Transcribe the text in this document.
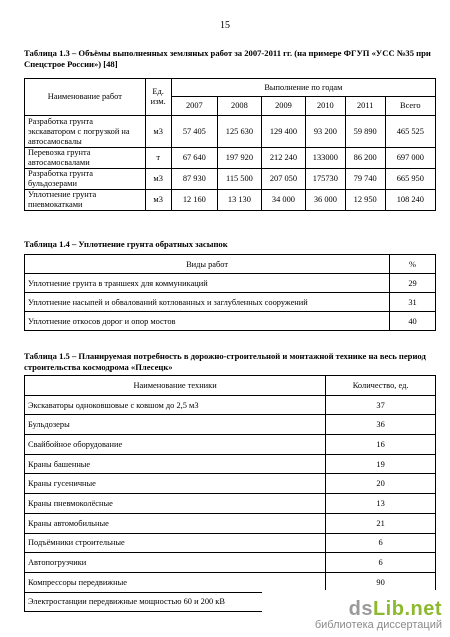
15
Таблица 1.3 – Объёмы выполненных земляных работ за 2007-2011 гг. (на примере ФГУП «УСС №35 при Спецстрое России») [48]
Наименование работ	Ед. изм.	Выполнение по годам					
		2007	2008	2009	2010	2011	Всего
Разработка грунта экскаватором с погрузкой на автосамосвалы	м3	57 405	125 630	129 400	93 200	59 890	465 525
Перевозка грунта автосамосвалами	т	67 640	197 920	212 240	133000	86 200	697 000
Разработка грунта бульдозерами	м3	87 930	115 500	207 050	175730	79 740	665 950
Уплотнение грунта пневмокатками	м3	12 160	13 130	34 000	36 000	12 950	108 240
Таблица 1.4 – Уплотнение грунта обратных засыпок
Виды работ	%
Уплотнение грунта в траншеях для коммуникаций	29
Уплотнение насыпей и обвалований котлованных и заглубленных сооружений	31
Уплотнение откосов дорог и опор мостов	40
Таблица 1.5 – Планируемая потребность в дорожно-строительной и монтажной технике на весь период строительства космодрома «Плесецк»
Наименование техники	Количество, ед.
Экскаваторы одноковшовые с ковшом до 2,5 м3	37
Бульдозеры	36
Свайбойное оборудование	16
Краны башенные	19
Краны гусеничные	20
Краны пневмоколёсные	13
Краны автомобильные	21
Подъёмники строительные	6
Автопогрузчики	6
Компрессоры передвижные	90
Электростанции передвижные мощностью 60 и 200 кВ		dsLib.net
библиотека диссертаций
